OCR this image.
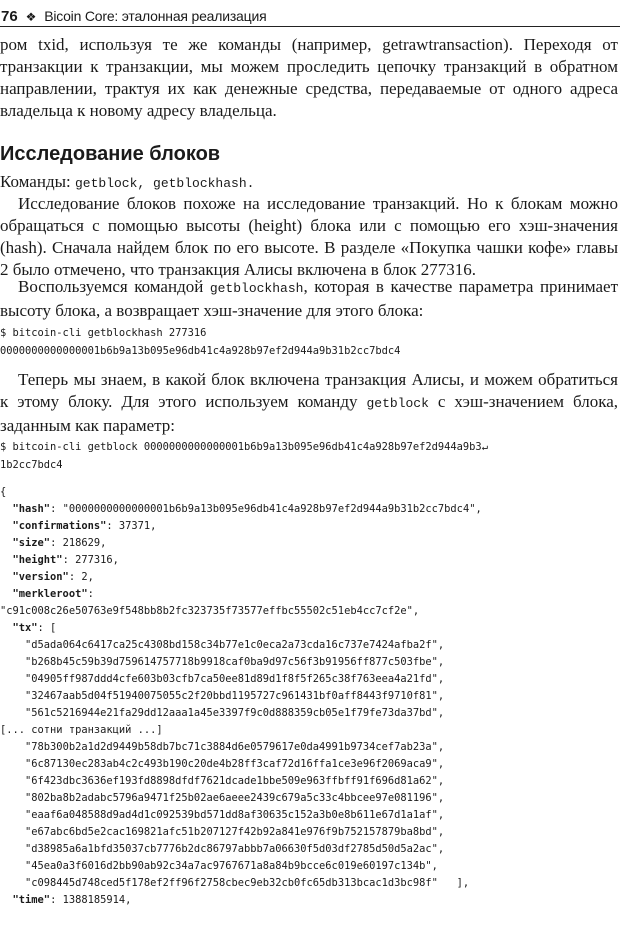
76 ❖ Bicoin Core: эталонная реализация
ром txid, используя те же команды (например, getrawtransaction). Переходя от транзакции к транзакции, мы можем проследить цепочку транзакций в обратном направлении, трактуя их как денежные средства, передаваемые от одного адреса владельца к новому адресу владельца.
Исследование блоков
Команды: getblock, getblockhash.
Исследование блоков похоже на исследование транзакций. Но к блокам можно обращаться с помощью высоты (height) блока или с помощью его хэш-значения (hash). Сначала найдем блок по его высоте. В разделе «Покупка чашки кофе» главы 2 было отмечено, что транзакция Алисы включена в блок 277316.
Воспользуемся командой getblockhash, которая в качестве параметра принимает высоту блока, а возвращает хэш-значение для этого блока:
$ bitcoin-cli getblockhash 277316
0000000000000001b6b9a13b095e96db41c4a928b97ef2d944a9b31b2cc7bdc4
Теперь мы знаем, в какой блок включена транзакция Алисы, и можем обратиться к этому блоку. Для этого используем команду getblock с хэш-значением блока, заданным как параметр:
$ bitcoin-cli getblock 0000000000000001b6b9a13b095e96db41c4a928b97ef2d944a9b3↵
1b2cc7bdc4
{
"hash": "0000000000000001b6b9a13b095e96db41c4a928b97ef2d944a9b31b2cc7bdc4",
"confirmations": 37371,
"size": 218629,
"height": 277316,
"version": 2,
"merkleroot":
"c91c008c26e50763e9f548bb8b2fc323735f73577effbc55502c51eb4cc7cf2e",
"tx": [
"d5ada064c6417ca25c4308bd158c34b77e1c0eca2a73cda16c737e7424afba2f",
"b268b45c59b39d759614757718b9918caf0ba9d97c56f3b91956ff877c503fbe",
"04905ff987ddd4cfe603b03cfb7ca50ee81d89d1f8f5f265c38f763eea4a21fd",
"32467aab5d04f51940075055c2f20bbd1195727c961431bf0aff8443f9710f81",
"561c5216944e21fa29dd12aaa1a45e3397f9c0d888359cb05e1f79fe73da37bd",
[... сотни транзакций ...]
"78b300b2a1d2d9449b58db7bc71c3884d6e0579617e0da4991b9734cef7ab23a",
"6c87130ec283ab4c2c493b190c20de4b28ff3caf72d16ffa1ce3e96f2069aca9",
"6f423dbc3636ef193fd8898dfdf7621dcade1bbe509e963ffbff91f696d81a62",
"802ba8b2adabc5796a9471f25b02ae6aeee2439c679a5c33c4bbcee97e081196",
"eaaf6a048588d9ad4d1c092539bd571dd8af30635c152a3b0e8b611e67d1a1af",
"e67abc6bd5e2cac169821afc51b207127f42b92a841e976f9b752157879ba8bd",
"d38985a6a1bfd35037cb7776b2dc86797abbb7a06630f5d03df2785d50d5a2ac",
"45ea0a3f6016d2bb90ab92c34a7ac9767671a8a84b9bcce6c019e60197c134b",
"c098445d748ced5f178ef2ff96f2758cbec9eb32cb0fc65db313bcac1d3bc98f"   ],
"time": 1388185914,
